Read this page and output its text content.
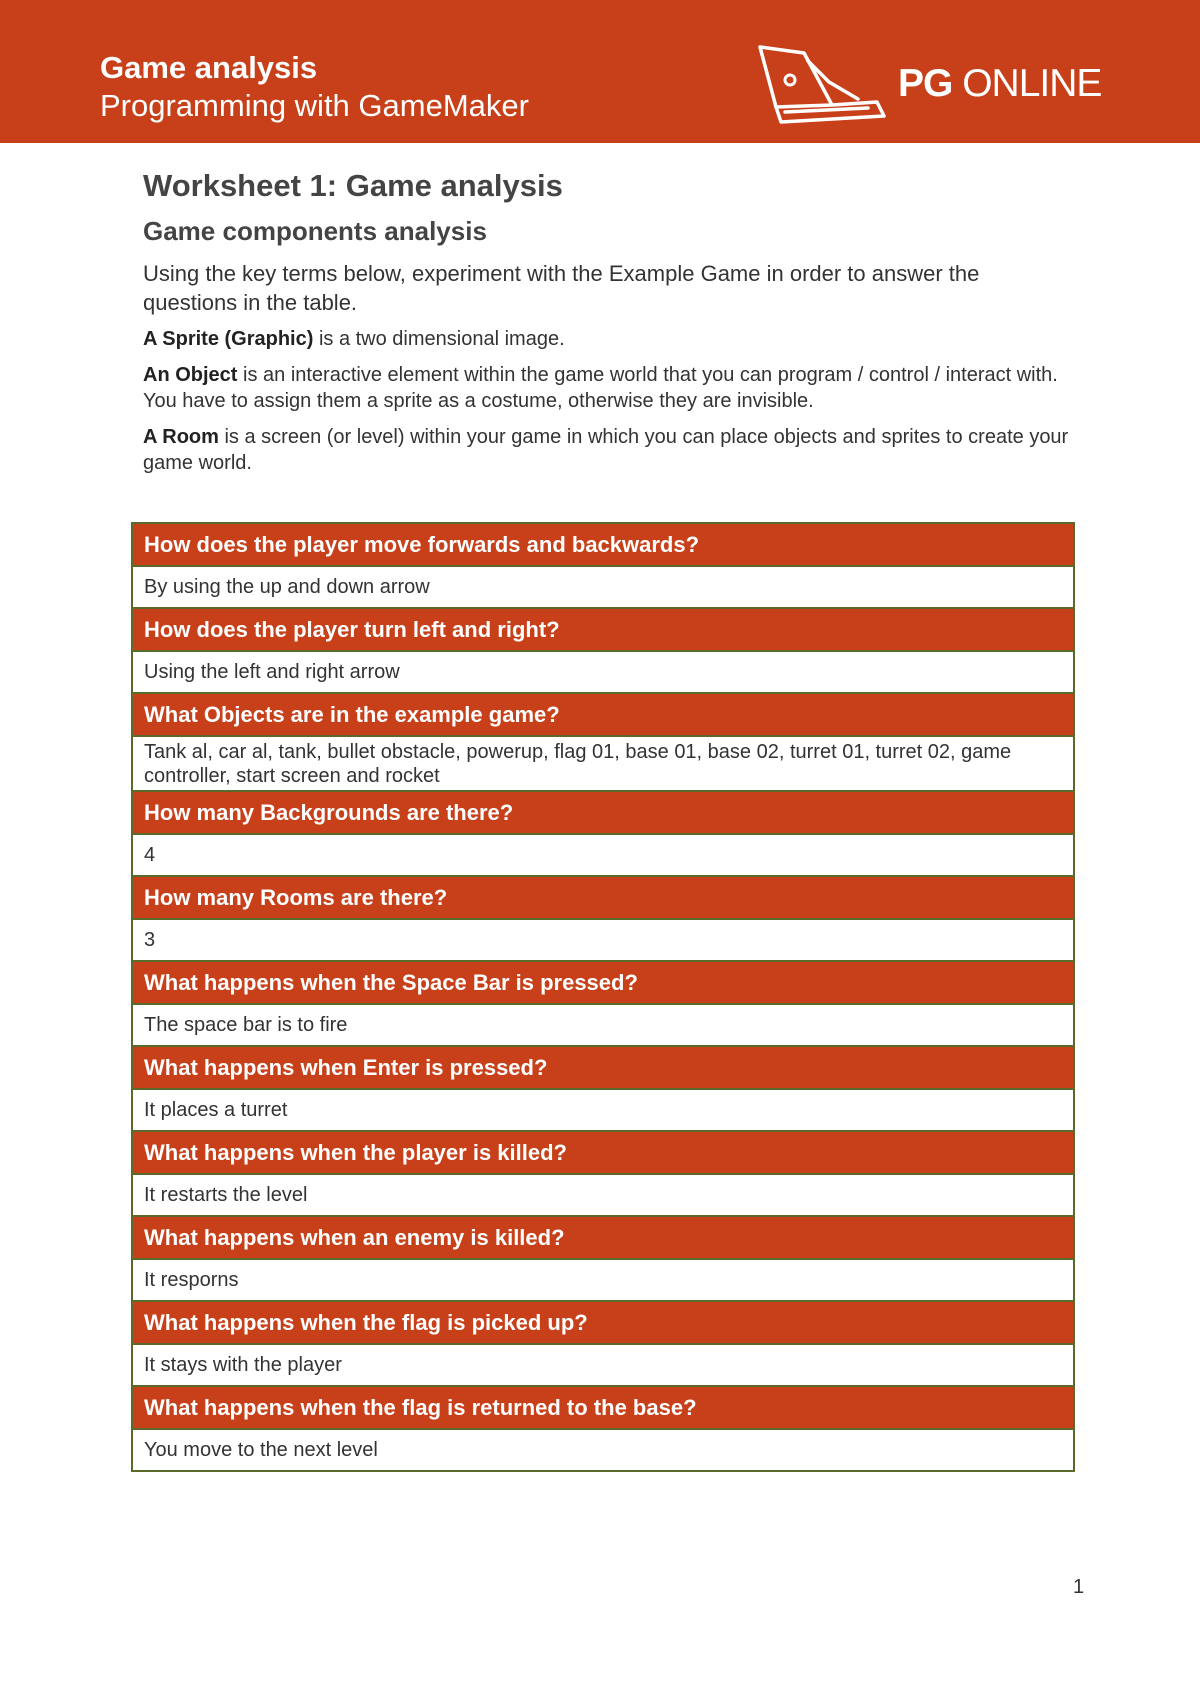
Game analysis
Programming with GameMaker
PG ONLINE
Worksheet 1: Game analysis
Game components analysis

Using the key terms below, experiment with the Example Game in order to answer the questions in the table.

A Sprite (Graphic) is a two dimensional image.

An Object is an interactive element within the game world that you can program / control / interact with. You have to assign them a sprite as a costume, otherwise they are invisible.

A Room is a screen (or level) within your game in which you can place objects and sprites to create your game world.

How does the player move forwards and backwards?
By using the up and down arrow
How does the player turn left and right?
Using the left and right arrow
What Objects are in the example game?
Tank al, car al, tank, bullet obstacle, powerup, flag 01, base 01, base 02, turret 01, turret 02, game controller, start screen and rocket
How many Backgrounds are there?
4
How many Rooms are there?
3
What happens when the Space Bar is pressed?
The space bar is to fire
What happens when Enter is pressed?
It places a turret
What happens when the player is killed?
It restarts the level
What happens when an enemy is killed?
It resporns
What happens when the flag is picked up?
It stays with the player
What happens when the flag is returned to the base?
You move to the next level
1
